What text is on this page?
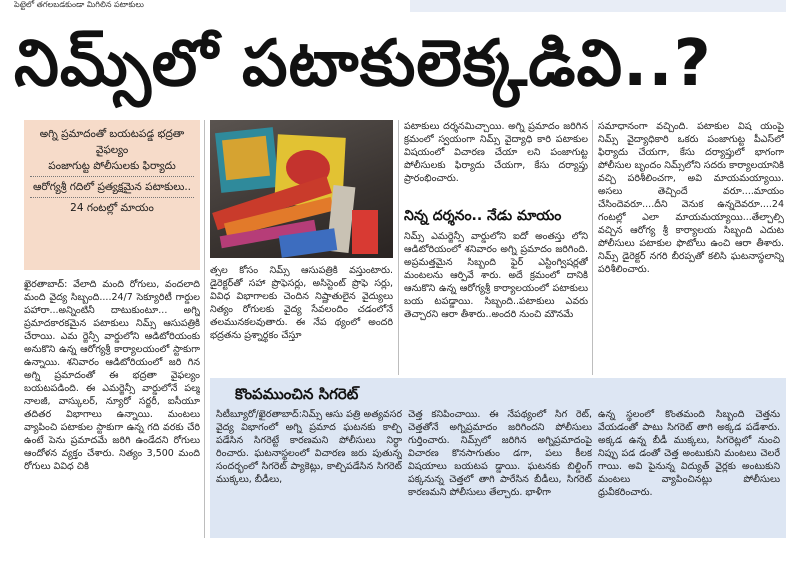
పెట్టెలో తగలబడకుండా మిగిలిన పటాకులు
నిమ్స్‌లో పటాకులెక్కడివి..?

అగ్ని ప్రమాదంతో బయటపడ్డ భద్రతా వైఫల్యం

పంజాగుట్ట పోలీసులకు ఫిర్యాదు

ఆరోగ్యశ్రీ గదిలో ప్రత్యక్షమైన పటాకులు..

24 గంటల్లో మాయం

ఖైరతాబాద్: వేలాది మంది రోగులు, వందలాది మంది వైద్య సిబ్బంది....24/7 సెక్యూరిటీ గార్డుల పహారా...అన్నింటినీ దాటుకుంటూ... అగ్ని ప్రమాదకారకమైన పటాకులు నిమ్స్ ఆసుపత్రికి చేరాయి. ఎమ ర్జెన్సీ వార్డులోని ఆడిటోరియంకు అనుకొని ఉన్న ఆరోగ్యశ్రీ కార్యాలయంలో స్టాకుగా ఉన్నాయి. శనివారం ఆడిటోరియంలో జరి గిన అగ్ని ప్రమాదంతో ఈ భద్రతా వైఫల్యం బయటపడింది. ఈ ఎమర్జెన్సీ వార్డులోనే పల్మ నాలజీ, వాస్కులర్, న్యూరో సర్జరీ, ఐసీయూ తదితర విభాగాలు ఉన్నాయి. మంటలు వ్యాపించి పటాకుల స్టాకుగా ఉన్న గది వరకు చేరి ఉంటే పెను ప్రమాదమే జరిగి ఉండేదని రోగులు ఆందోళన వ్యక్తం చేశారు. నిత్యం 3,500 మంది రోగులు వివిధ చికి
త్సల కోసం నిమ్స్ ఆసుపత్రికి వస్తుంటారు. డైరెక్టర్‌తో సహా ప్రొఫెసర్లు, అసిస్టెంట్ ప్రొఫె సర్లు, వివిధ విభాగాలకు చెందిన నిష్ణాతులైన వైద్యులు నిత్యం రోగులకు వైద్య సేవలందిం చడంలోనే తలమునకలవుతారు. ఈ నేప థ్యంలో అందరి భద్రతను ప్రశ్నార్థకం చేస్తూ
పటాకులు దర్శనమిచ్చాయి. అగ్ని ప్రమాదం జరిగిన క్రమంలో స్వయంగా నిమ్స్ వైద్యాధి కారి పటాకుల విషయంలో విచారణ చేయా లని పంజాగుట్ట పోలీసులకు ఫిర్యాదు చేయగా, కేసు దర్యాప్తు ప్రారంభించారు.
నిన్న దర్శనం.. నేడు మాయం
నిమ్స్ ఎమర్జెన్సీ వార్డులోని ఐదో అంతస్తు లోని ఆడిటోరియంలో శనివారం అగ్ని ప్రమాదం జరిగింది. అప్రమత్తమైన సిబ్బంది ఫైర్ ఎస్టింగ్విషర్లతో మంటలను ఆర్పివే శారు. అదే క్రమంలో దానికి ఆనుకొని ఉన్న ఆరోగ్యశ్రీ కార్యాలయంలో పటాకులు బయ టపడ్డాయి. సిబ్బంది..పటాకులు ఎవరు తెచ్చారని ఆరా తీశారు..అందరి నుంచి మౌనమే
సమాధానంగా వచ్చింది. పటాకుల విష యంపై నిమ్స్ వైద్యాధికారి ఒకరు పంజాగుట్ట పీఎస్‌లో ఫిర్యాదు చేయగా, కేసు దర్యాప్తులో భాగంగా పోలీసుల బృందం నిమ్స్‌లోని సదరు కార్యాలయానికి వచ్చి పరిశీలించగా, అవి మాయమయ్యాయి. అసలు తెచ్చిందే వరూ....మాయం చేసిందెవరూ....దీని వెనుక ఉన్నదెవరూ....24 గంటల్లో ఎలా మాయమయ్యాయి...తేల్చాల్సి వచ్చిన ఆరోగ్య శ్రీ కార్యాలయ సిబ్బంది ఎదుట పోలీసులు పటాకుల ఫొటోలు ఉంచి ఆరా తీశారు. నిమ్స్ డైరెక్టర్ నగరి బీరప్పతో కలిసి ఘటనాస్థలాన్ని పరిశీలించారు.
కొంపముంచిన సిగరెట్
సిటీబ్యూరో/ఖైరతాబాద్:నిమ్స్ ఆసు పత్రి అత్యవసర వైద్య విభాగంలో అగ్ని ప్రమాద ఘటనకు కాల్చి పడేసిన సిగరెట్టే కారణమని పోలీసులు నిర్ధా రించారు. ఘటనాస్థలంలో విచారణ జరు పుతున్న సందర్భంలో సిగరెట్ ప్యాకెట్లు, కాల్చిపడేసిన సిగరెట్ ముక్కలు, బీడీలు,
చెత్త కనిపించాయి. ఈ నేపథ్యంలో సిగ రెట్, చెత్తతోనే అగ్నిప్రమాదం జరిగిందని పోలీసులు గుర్తించారు. నిమ్స్‌లో జరిగిన అగ్నిప్రమాదంపై విచారణ కొనసాగుతుం డగా, పలు కీలక విషయాలు బయటప డ్డాయి. ఘటనకు బిల్డింగ్ పక్కనున్న చెత్తలో తాగి పారేసిన బీడీలు, సిగరెట్ కారణమని పోలీసులు తేల్చారు. భాళీగా
ఉన్న స్థలంలో కొంతమంది సిబ్బంది చెత్తను వేయడంతో పాటు సిగరెట్ తాగి అక్కడ పడేశారు. అక్కడ ఉన్న బీడీ ముక్కలు, సిగరెట్లలో నుంచి నిప్పు పడ డంతో చెత్త అంటుకుని మంటలు చెలరే గాయి. అవి పైనున్న విద్యుత్ వైర్లకు అంటుకుని మంటలు వ్యాపించినట్లు పోలీసులు ధ్రువీకరించారు.
